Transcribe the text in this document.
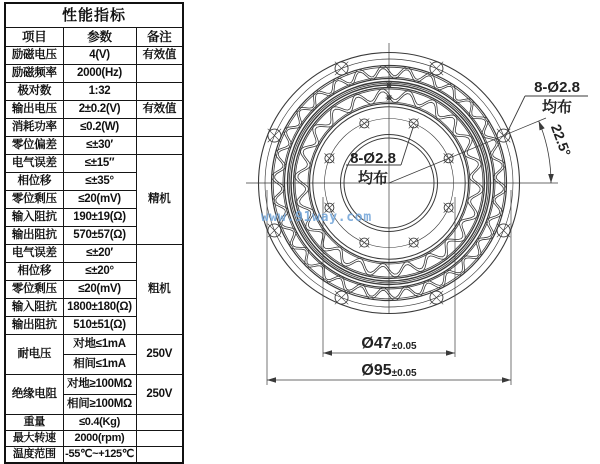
性能指标		
项目	参数	备注
励磁电压	4(V)	有效值
励磁频率	2000(Hz)	
极对数	1:32	
输出电压	2±0.2(V)	有效值
消耗功率	≤0.2(W)	
零位偏差	≤±30′	
电气误差	≤±15″	精机
相位移	≤±35°	
零位剩压	≤20(mV)	
输入阻抗	190±19(Ω)	
输出阻抗	570±57(Ω)	
电气误差	≤±20′	粗机
相位移	≤±20°	
零位剩压	≤20(mV)	
输入阻抗	1800±180(Ω)	
输出阻抗	510±51(Ω)	
耐电压	对地≤1mA	250V
	相间≤1mA	
绝缘电阻	对地≥100MΩ	250V
	相间≥100MΩ	
重量	≤0.4(Kg)	
最大转速	2000(rpm)	
温度范围	-55℃~+125℃	
8-Ø2.8
均布
8-Ø2.8
均布
22.5°
Ø47±0.05
Ø95±0.05
www.91way.com
